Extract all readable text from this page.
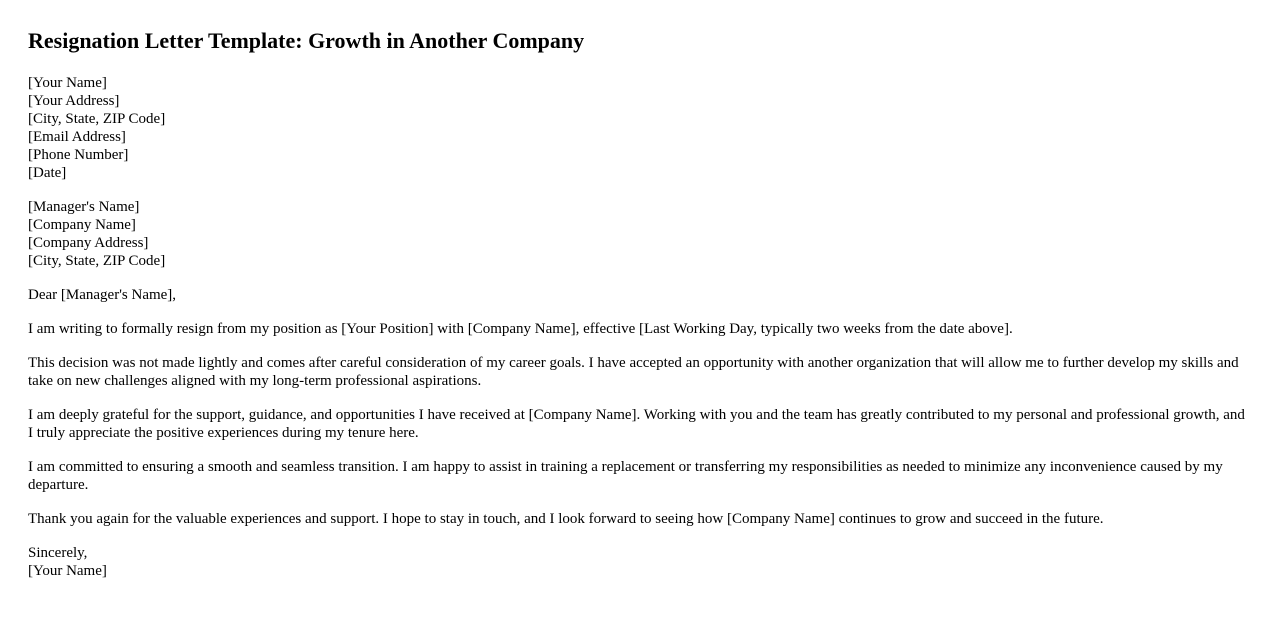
Resignation Letter Template: Growth in Another Company
[Your Name]
[Your Address]
[City, State, ZIP Code]
[Email Address]
[Phone Number]
[Date]
[Manager's Name]
[Company Name]
[Company Address]
[City, State, ZIP Code]

Dear [Manager's Name],

I am writing to formally resign from my position as [Your Position] with [Company Name], effective [Last Working Day, typically two weeks from the date above].

This decision was not made lightly and comes after careful consideration of my career goals. I have accepted an opportunity with another organization that will allow me to further develop my skills and take on new challenges aligned with my long-term professional aspirations.

I am deeply grateful for the support, guidance, and opportunities I have received at [Company Name]. Working with you and the team has greatly contributed to my personal and professional growth, and I truly appreciate the positive experiences during my tenure here.

I am committed to ensuring a smooth and seamless transition. I am happy to assist in training a replacement or transferring my responsibilities as needed to minimize any inconvenience caused by my departure.

Thank you again for the valuable experiences and support. I hope to stay in touch, and I look forward to seeing how [Company Name] continues to grow and succeed in the future.

Sincerely,
[Your Name]
